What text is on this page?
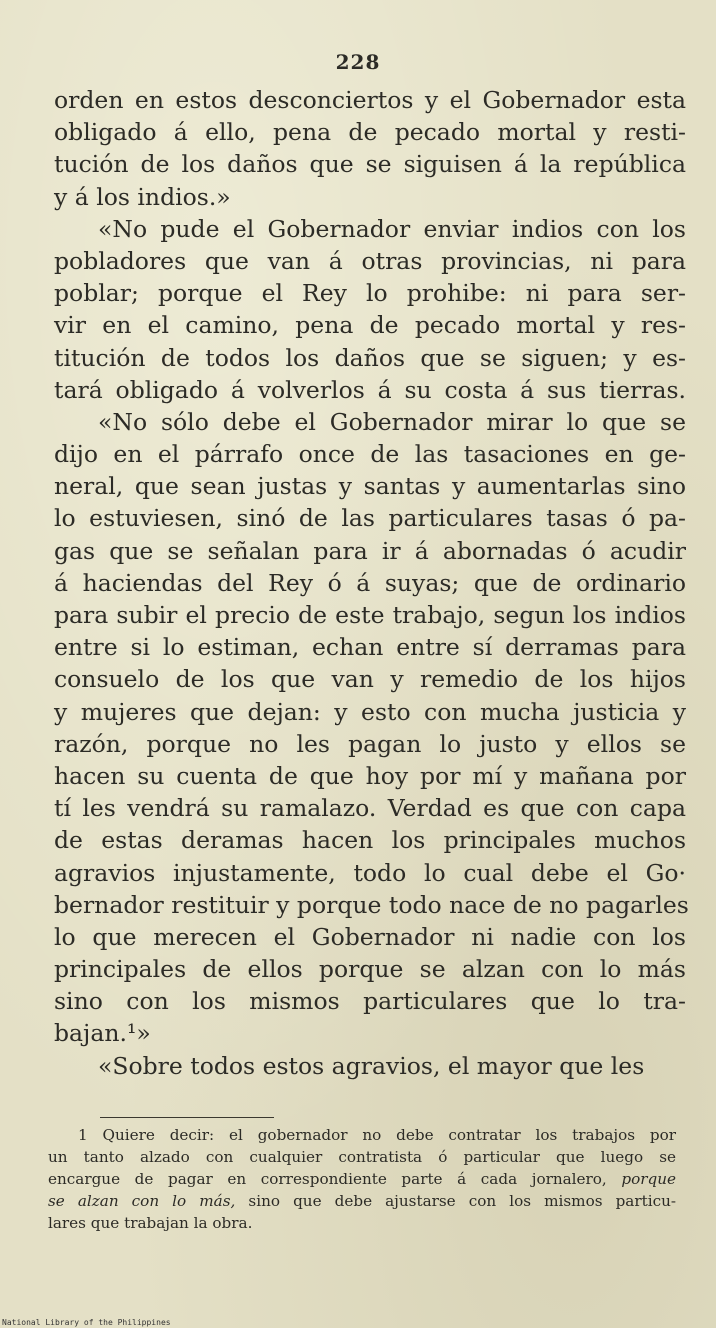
228
orden en estos desconciertos y el Gobernador esta
obligado á ello, pena de pecado mortal y resti-
tución de los daños que se siguisen á la república
y á los indios.»
«No pude el Gobernador enviar indios con los
pobladores que van á otras provincias, ni para
poblar; porque el Rey lo prohibe: ni para ser-
vir en el camino, pena de pecado mortal y res-
titución de todos los daños que se siguen; y es-
tará obligado á volverlos á su costa á sus tierras.
«No sólo debe el Gobernador mirar lo que se
dijo en el párrafo once de las tasaciones en ge-
neral, que sean justas y santas y aumentarlas sino
lo estuviesen, sinó de las particulares tasas ó pa-
gas que se señalan para ir á abornadas ó acudir
á haciendas del Rey ó á suyas; que de ordinario
para subir el precio de este trabajo, segun los indios
entre si lo estiman, echan entre sí derramas para
consuelo de los que van y remedio de los hijos
y mujeres que dejan: y esto con mucha justicia y
razón, porque no les pagan lo justo y ellos se
hacen su cuenta de que hoy por mí y mañana por
tí les vendrá su ramalazo. Verdad es que con capa
de estas deramas hacen los principales muchos
agravios injustamente, todo lo cual debe el Go·
bernador restituir y porque todo nace de no pagarles
lo que merecen el Gobernador ni nadie con los
principales de ellos porque se alzan con lo más
sino con los mismos particulares que lo tra-
bajan.¹»
«Sobre todos estos agravios, el mayor que les
1 Quiere decir: el gobernador no debe contratar los trabajos por
un tanto alzado con cualquier contratista ó particular que luego se
encargue de pagar en correspondiente parte á cada jornalero, porque
se alzan con lo más, sino que debe ajustarse con los mismos particu-
lares que trabajan la obra.
National Library of the Philippines
